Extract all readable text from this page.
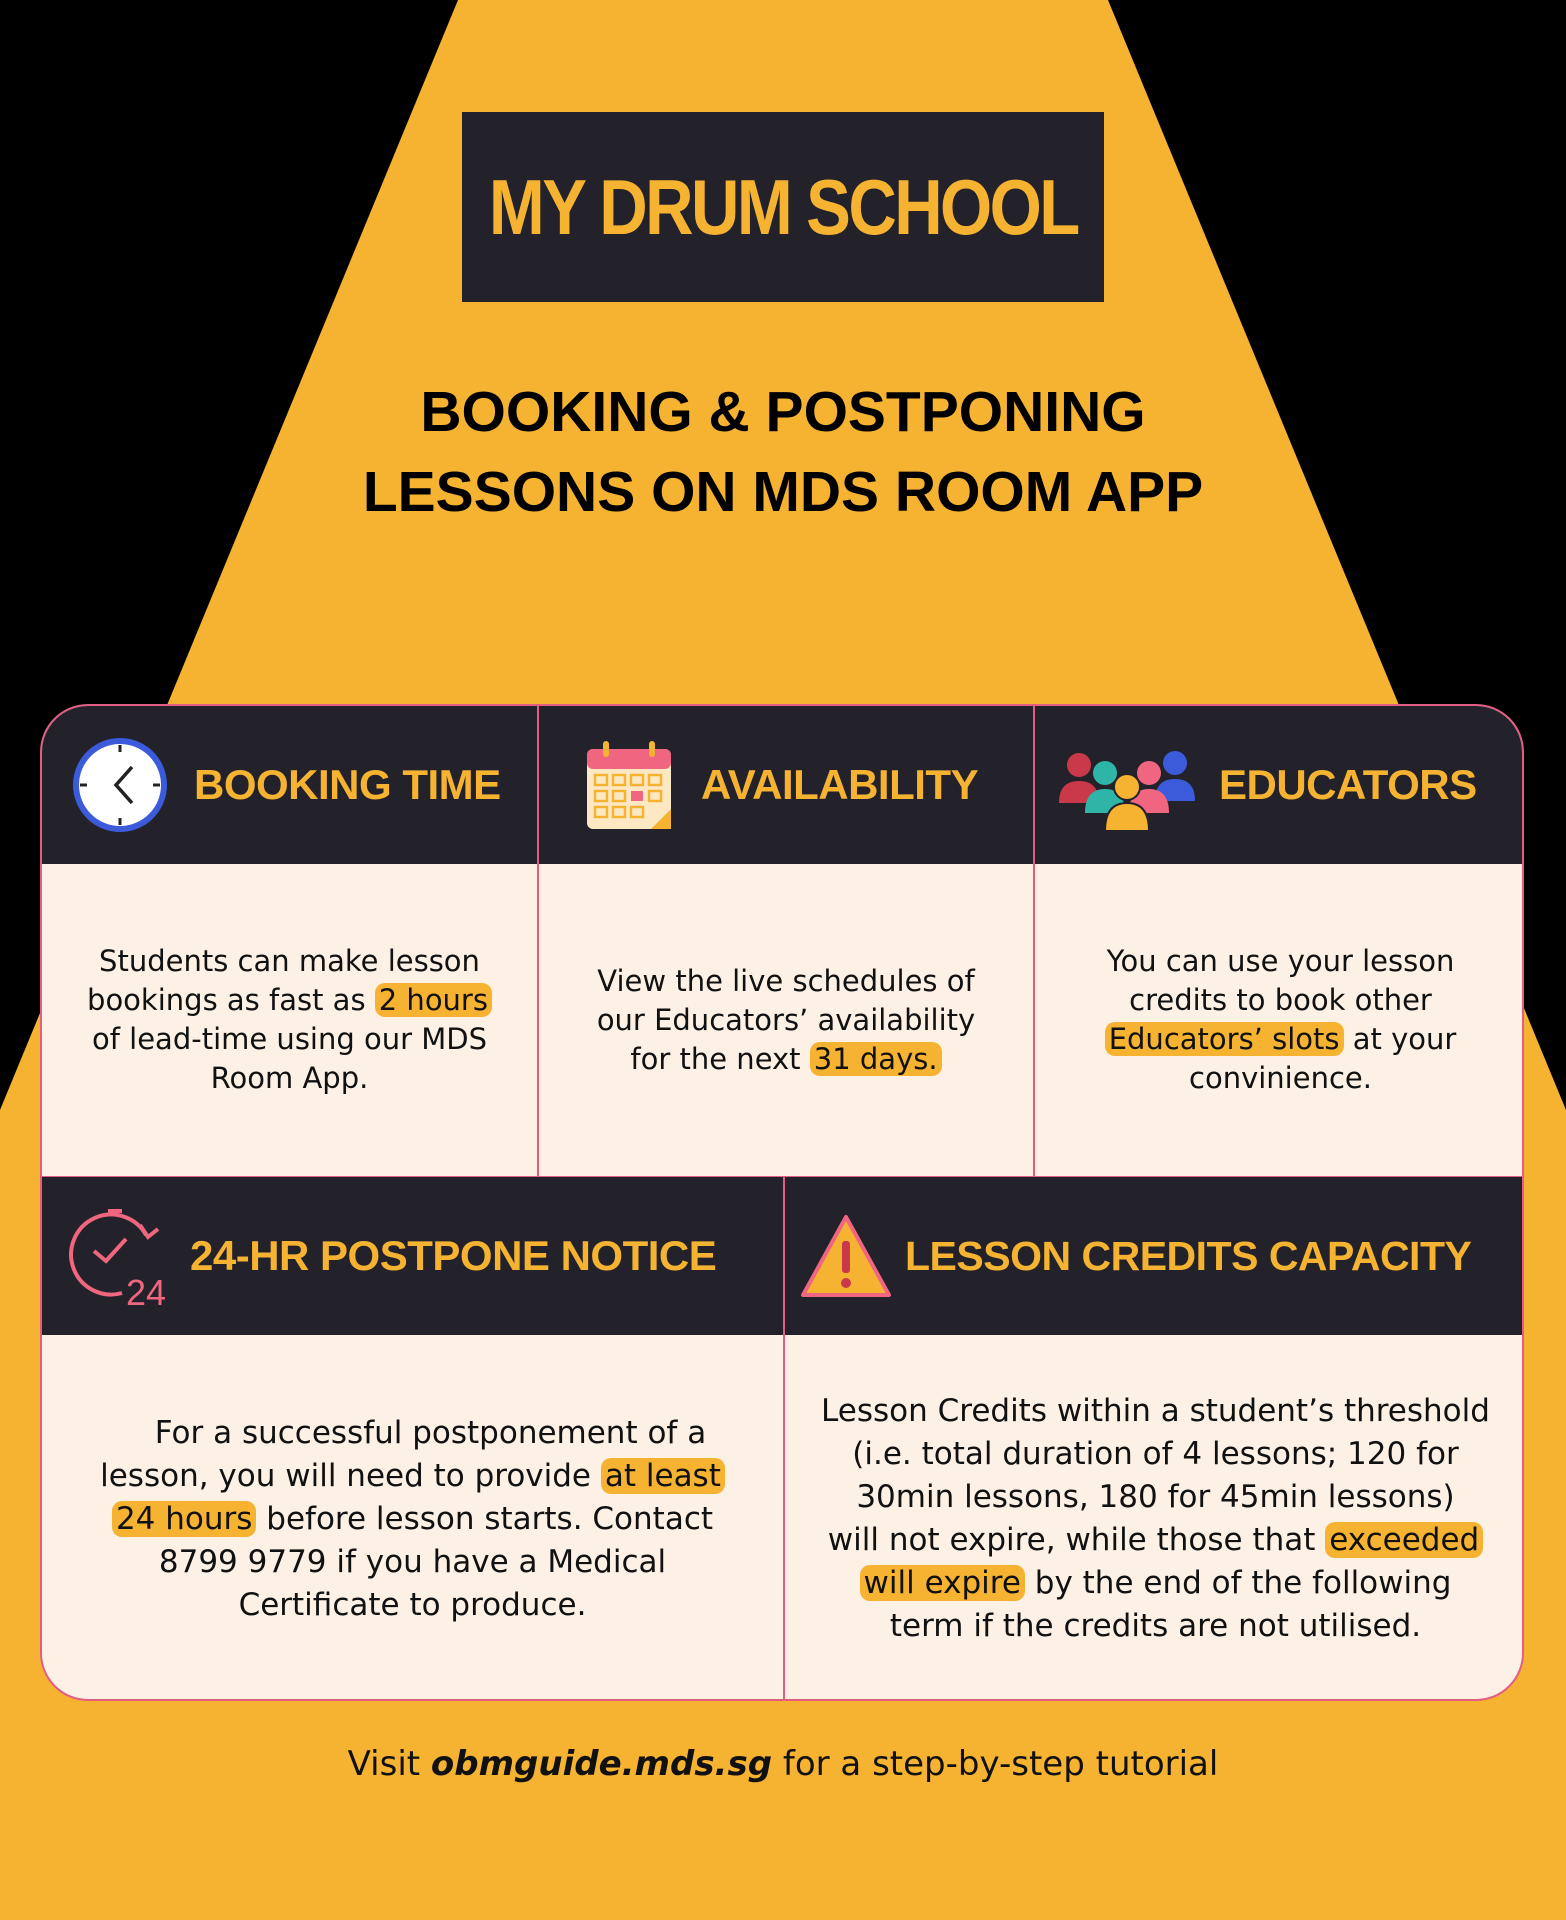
MY DRUM SCHOOL
BOOKING & POSTPONING
LESSONS ON MDS ROOM APP
BOOKING TIME
Students can make lesson
bookings as fast as 2 hours
of lead-time using our MDS
Room App.
AVAILABILITY
View the live schedules of
our Educators’ availability
for the next 31 days.
EDUCATORS
You can use your lesson
credits to book other
Educators’ slots at your
convinience.
24
24-HR POSTPONE NOTICE
For a successful postponement of a
lesson, you will need to provide at least
24 hours before lesson starts. Contact
8799 9779 if you have a Medical
Certificate to produce.
LESSON CREDITS CAPACITY
Lesson Credits within a student’s threshold
(i.e. total duration of 4 lessons; 120 for
30min lessons, 180 for 45min lessons)
will not expire, while those that exceeded
will expire by the end of the following
term if the credits are not utilised.
Visit obmguide.mds.sg for a step-by-step tutorial
